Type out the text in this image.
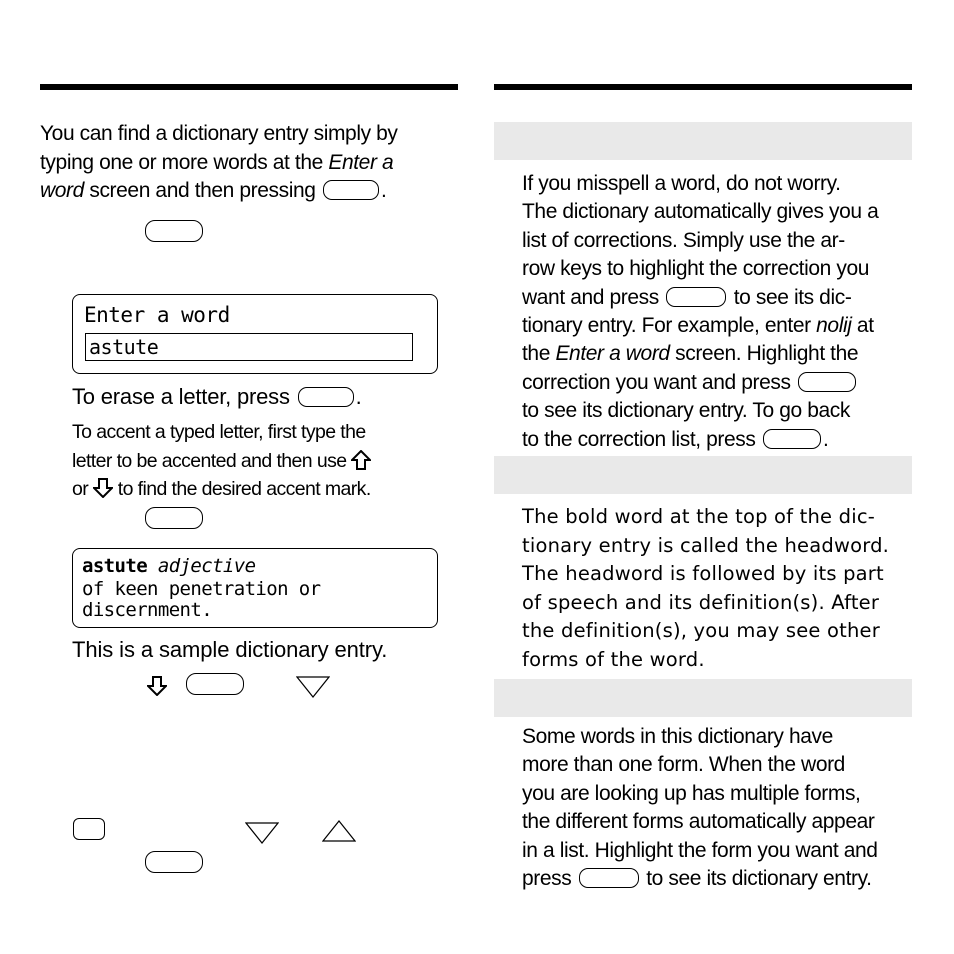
You can find a dictionary entry simply by
typing one or more words at the Enter a
word screen and then pressing	.
Enter a word
astute
To erase a letter, press	.
To accent a typed letter, first type the
letter to be accented and then use
or  to find the desired accent mark.
astute adjective
of keen penetration or
discernment.
This is a sample dictionary entry.
If you misspell a word, do not worry.
The dictionary automatically gives you a
list of corrections. Simply use the ar-
row keys to highlight the correction you
want and press	to see its dic-
tionary entry. For example, enter nolij at
the Enter a word screen. Highlight the
correction you want and press
to see its dictionary entry. To go back
to the correction list, press	.
The bold word at the top of the dic-
tionary entry is called the headword.
The headword is followed by its part
of speech and its definition(s). After
the definition(s), you may see other
forms of the word.
Some words in this dictionary have
more than one form. When the word
you are looking up has multiple forms,
the different forms automatically appear
in a list. Highlight the form you want and
press	to see its dictionary entry.
